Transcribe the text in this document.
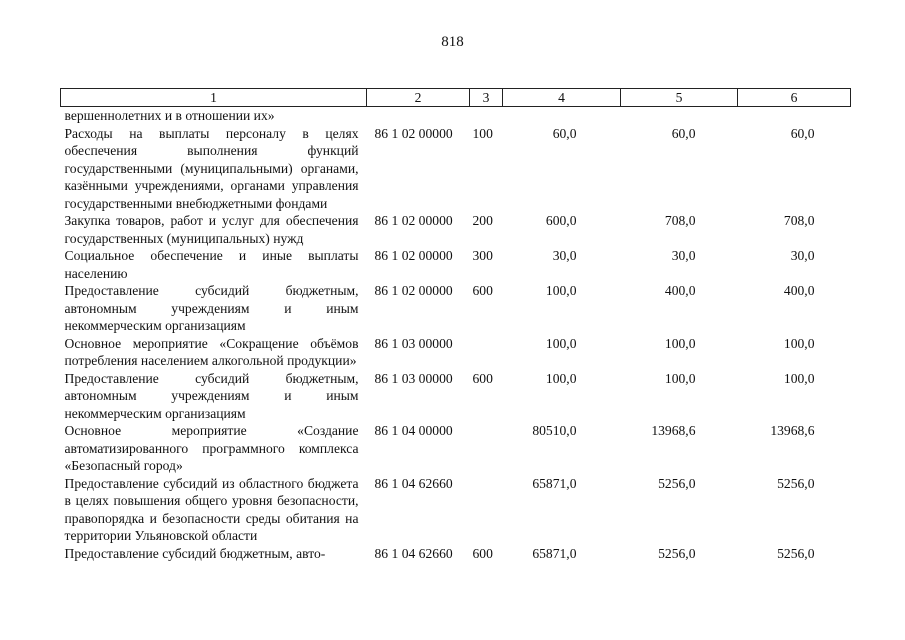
818
1	2	3	4	5	6
вершеннолетних и в отношении их»					
Расходы на выплаты персоналу в целях обеспечения выполнения функций государственными (муниципальными) органами, казёнными учреждениями, органами управления государственными внебюджетными фондами	86 1 02 00000	100	60,0	60,0	60,0
Закупка товаров, работ и услуг для обеспечения государственных (муниципальных) нужд	86 1 02 00000	200	600,0	708,0	708,0
Социальное обеспечение и иные выплаты населению	86 1 02 00000	300	30,0	30,0	30,0
Предоставление субсидий бюджетным, автономным учреждениям и иным некоммерческим организациям	86 1 02 00000	600	100,0	400,0	400,0
Основное мероприятие «Сокращение объёмов потребления населением алкогольной продукции»	86 1 03 00000		100,0	100,0	100,0
Предоставление субсидий бюджетным, автономным учреждениям и иным некоммерческим организациям	86 1 03 00000	600	100,0	100,0	100,0
Основное мероприятие «Создание автоматизированного программного комплекса «Безопасный город»	86 1 04 00000		80510,0	13968,6	13968,6
Предоставление субсидий из областного бюджета в целях повышения общего уровня безопасности, правопорядка и безопасности среды обитания на территории Ульяновской области	86 1 04 62660		65871,0	5256,0	5256,0
Предоставление субсидий бюджетным, авто-	86 1 04 62660	600	65871,0	5256,0	5256,0
